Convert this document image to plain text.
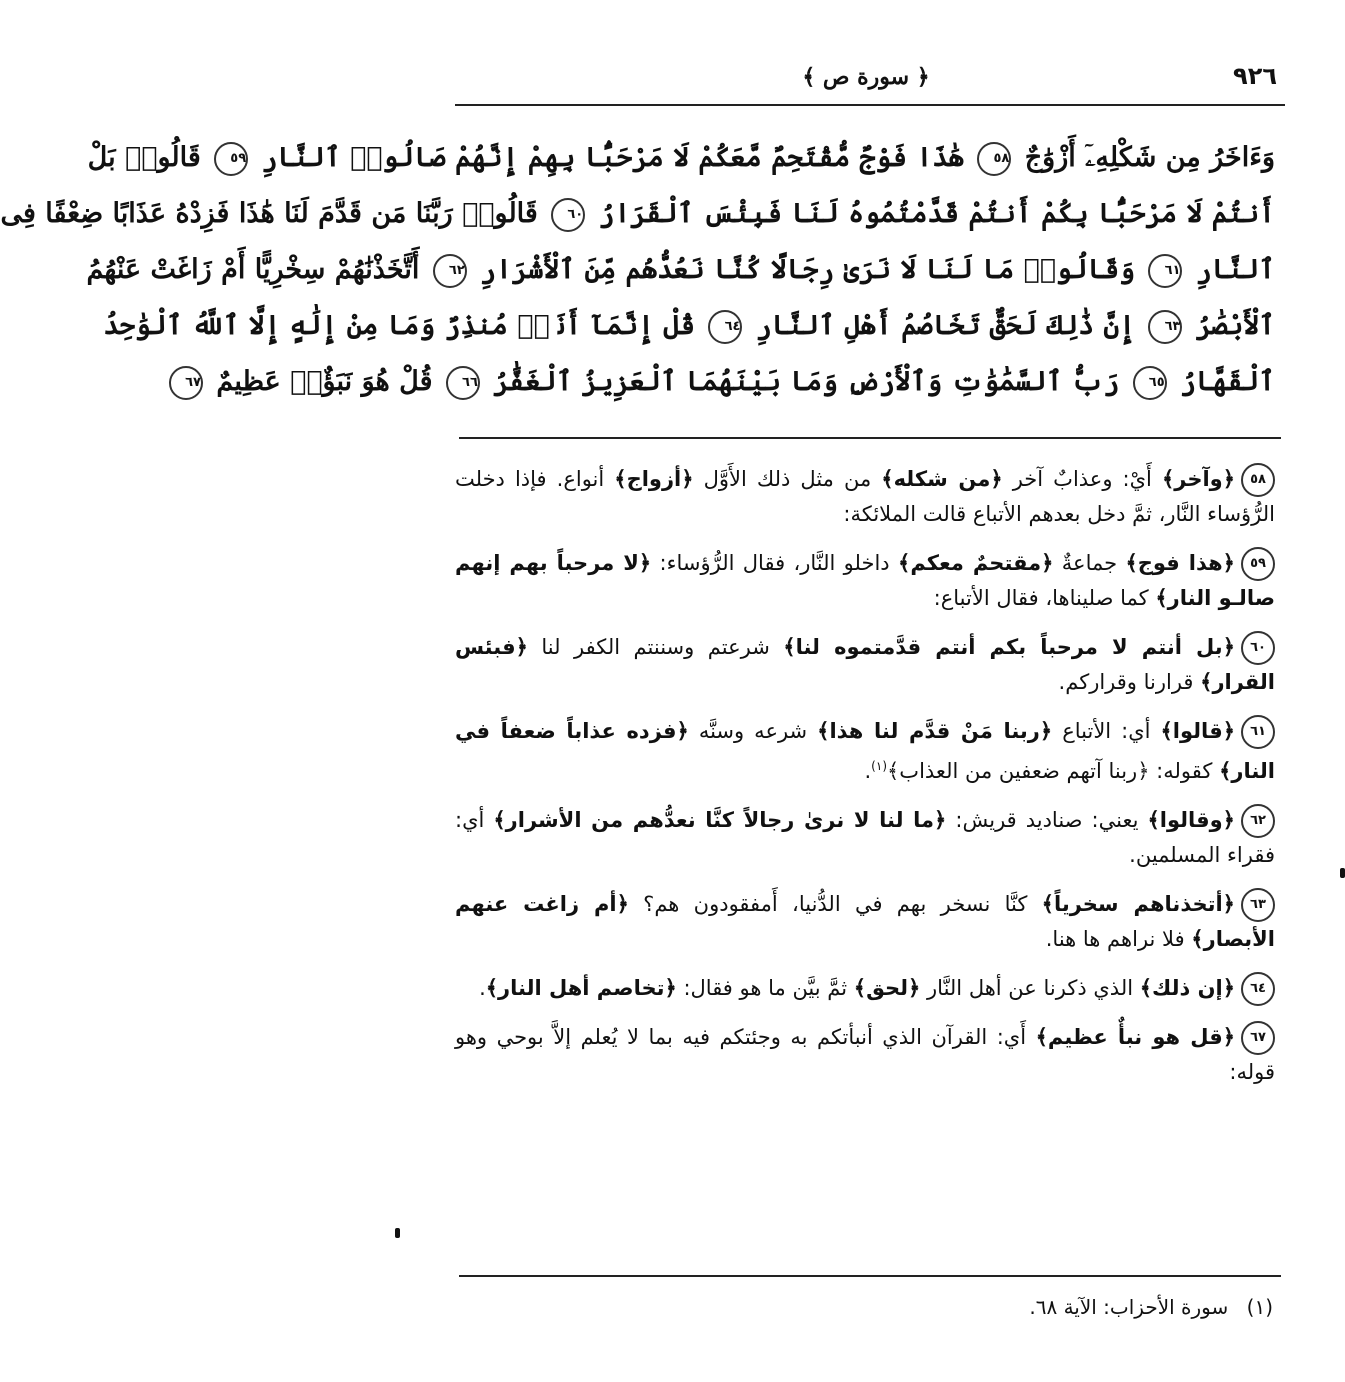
٩٢٦
﴿ سورة ص ﴾
وَءَاخَرُ مِن شَكْلِهِۦٓ أَزْوَٰجٌ ٥٨ هَٰذَا فَوْجٌ مُّقْتَحِمٌ مَّعَكُمْ لَا مَرْحَبًۢا بِهِمْ إِنَّهُمْ صَالُوا۟ ٱلنَّارِ ٥٩ قَالُوا۟ بَلْ
أَنتُمْ لَا مَرْحَبًۢا بِكُمْ أَنتُمْ قَدَّمْتُمُوهُ لَنَا فَبِئْسَ ٱلْقَرَارُ ٦٠ قَالُوا۟ رَبَّنَا مَن قَدَّمَ لَنَا هَٰذَا فَزِدْهُ عَذَابًا ضِعْفًا فِى
ٱلنَّارِ ٦١ وَقَالُوا۟ مَا لَنَا لَا نَرَىٰ رِجَالًا كُنَّا نَعُدُّهُم مِّنَ ٱلْأَشْرَارِ ٦٢ أَتَّخَذْنَٰهُمْ سِخْرِيًّا أَمْ زَاغَتْ عَنْهُمُ
ٱلْأَبْصَٰرُ ٦٣ إِنَّ ذَٰلِكَ لَحَقٌّ تَخَاصُمُ أَهْلِ ٱلنَّارِ ٦٤ قُلْ إِنَّمَآ أَنَا۠ مُنذِرٌ وَمَا مِنْ إِلَٰهٍ إِلَّا ٱللَّهُ ٱلْوَٰحِدُ
ٱلْقَهَّارُ ٦٥ رَبُّ ٱلسَّمَٰوَٰتِ وَٱلْأَرْضِ وَمَا بَيْنَهُمَا ٱلْعَزِيزُ ٱلْغَفَّٰرُ ٦٦ قُلْ هُوَ نَبَؤٌا۟ عَظِيمٌ ٦٧
٥٨﴿وآخر﴾ أَيْ: وعذابٌ آخر ﴿من شكله﴾ من مثل ذلك الأَوَّل ﴿أزواج﴾ أنواع. فإذا دخلت الرُّؤساء النَّار، ثمَّ دخل بعدهم الأتباع قالت الملائكة:
٥٩﴿هذا فوج﴾ جماعةٌ ﴿مقتحمٌ معكم﴾ داخلو النَّار، فقال الرُّؤساء: ﴿لا مرحباً بهم إنهم صالـو النار﴾ كما صليناها، فقال الأتباع:
٦٠﴿بل أنتم لا مرحباً بكم أنتم قدَّمتموه لنا﴾ شرعتم وسننتم الكفر لنا ﴿فبئس القرار﴾ قرارنا وقراركم.
٦١﴿قالوا﴾ أي: الأتباع ﴿ربنا مَنْ قدَّم لنا هذا﴾ شرعه وسنَّه ﴿فزده عذاباً ضعفاً في النار﴾ كقوله: ﴿ربنا آتهم ضعفين من العذاب﴾$^{(١)}$.
٦٢﴿وقالوا﴾ يعني: صناديد قريش: ﴿ما لنا لا نرىٰ رجالاً كنَّا نعدُّهم من الأشرار﴾ أي: فقراء المسلمين.
٦٣﴿أتخذناهم سخرياً﴾ كنَّا نسخر بهم في الدُّنيا، أَمفقودون هم؟ ﴿أم زاغت عنهم الأبصار﴾ فلا نراهم ها هنا.
٦٤﴿إن ذلك﴾ الذي ذكرنا عن أهل النَّار ﴿لحق﴾ ثمَّ بيَّن ما هو فقال: ﴿تخاصم أهل النار﴾.
٦٧﴿قل هو نبأٌ عظيم﴾ أَي: القرآن الذي أنبأتكم به وجئتكم فيه بما لا يُعلم إلاَّ بوحي وهو قوله:
(١) سورة الأحزاب: الآية ٦٨.
